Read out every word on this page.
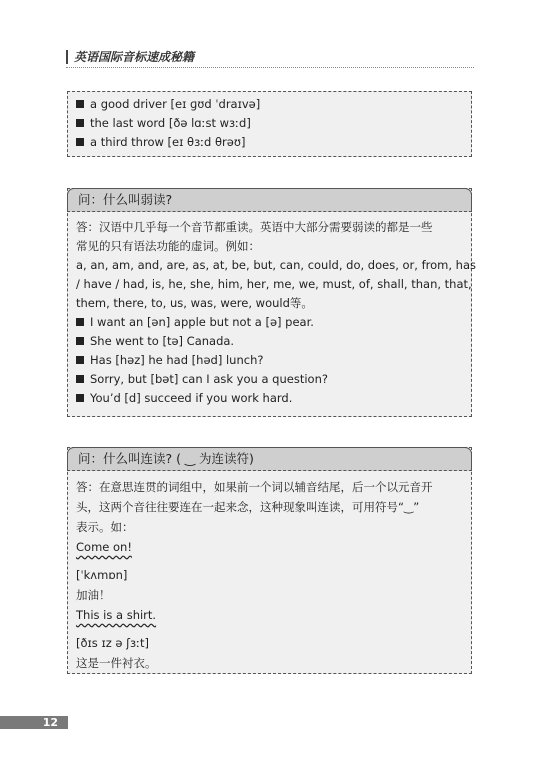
英语国际音标速成秘籍
a good driver [eɪ ɡʊd ˈdraɪvə]
the last word [ðə lɑːst wɜːd]
a third throw [eɪ θɜːd θrəʊ]
问：什么叫弱读?
答：汉语中几乎每一个音节都重读。英语中大部分需要弱读的都是一些
常见的只有语法功能的虚词。例如：
a, an, am, and, are, as, at, be, but, can, could, do, does, or, from, has
/ have / had, is, he, she, him, her, me, we, must, of, shall, than, that,
them, there, to, us, was, were, would等。
I want an [ən] apple but not a [ə] pear.
She went to [tə] Canada.
Has [həz] he had [həd] lunch?
Sorry, but [bət] can I ask you a question?
You’d [d] succeed if you work hard.
问：什么叫连读? ( ‿ 为连读符)
答：在意思连贯的词组中，如果前一个词以辅音结尾，后一个以元音开
头，这两个音往往要连在一起来念，这种现象叫连读，可用符号“‿”
表示。如：
Come on!
[ˈkʌmɒn]
加油！
This is a shirt.
[ðɪs ɪz ə ʃɜːt]
这是一件衬衣。
12
